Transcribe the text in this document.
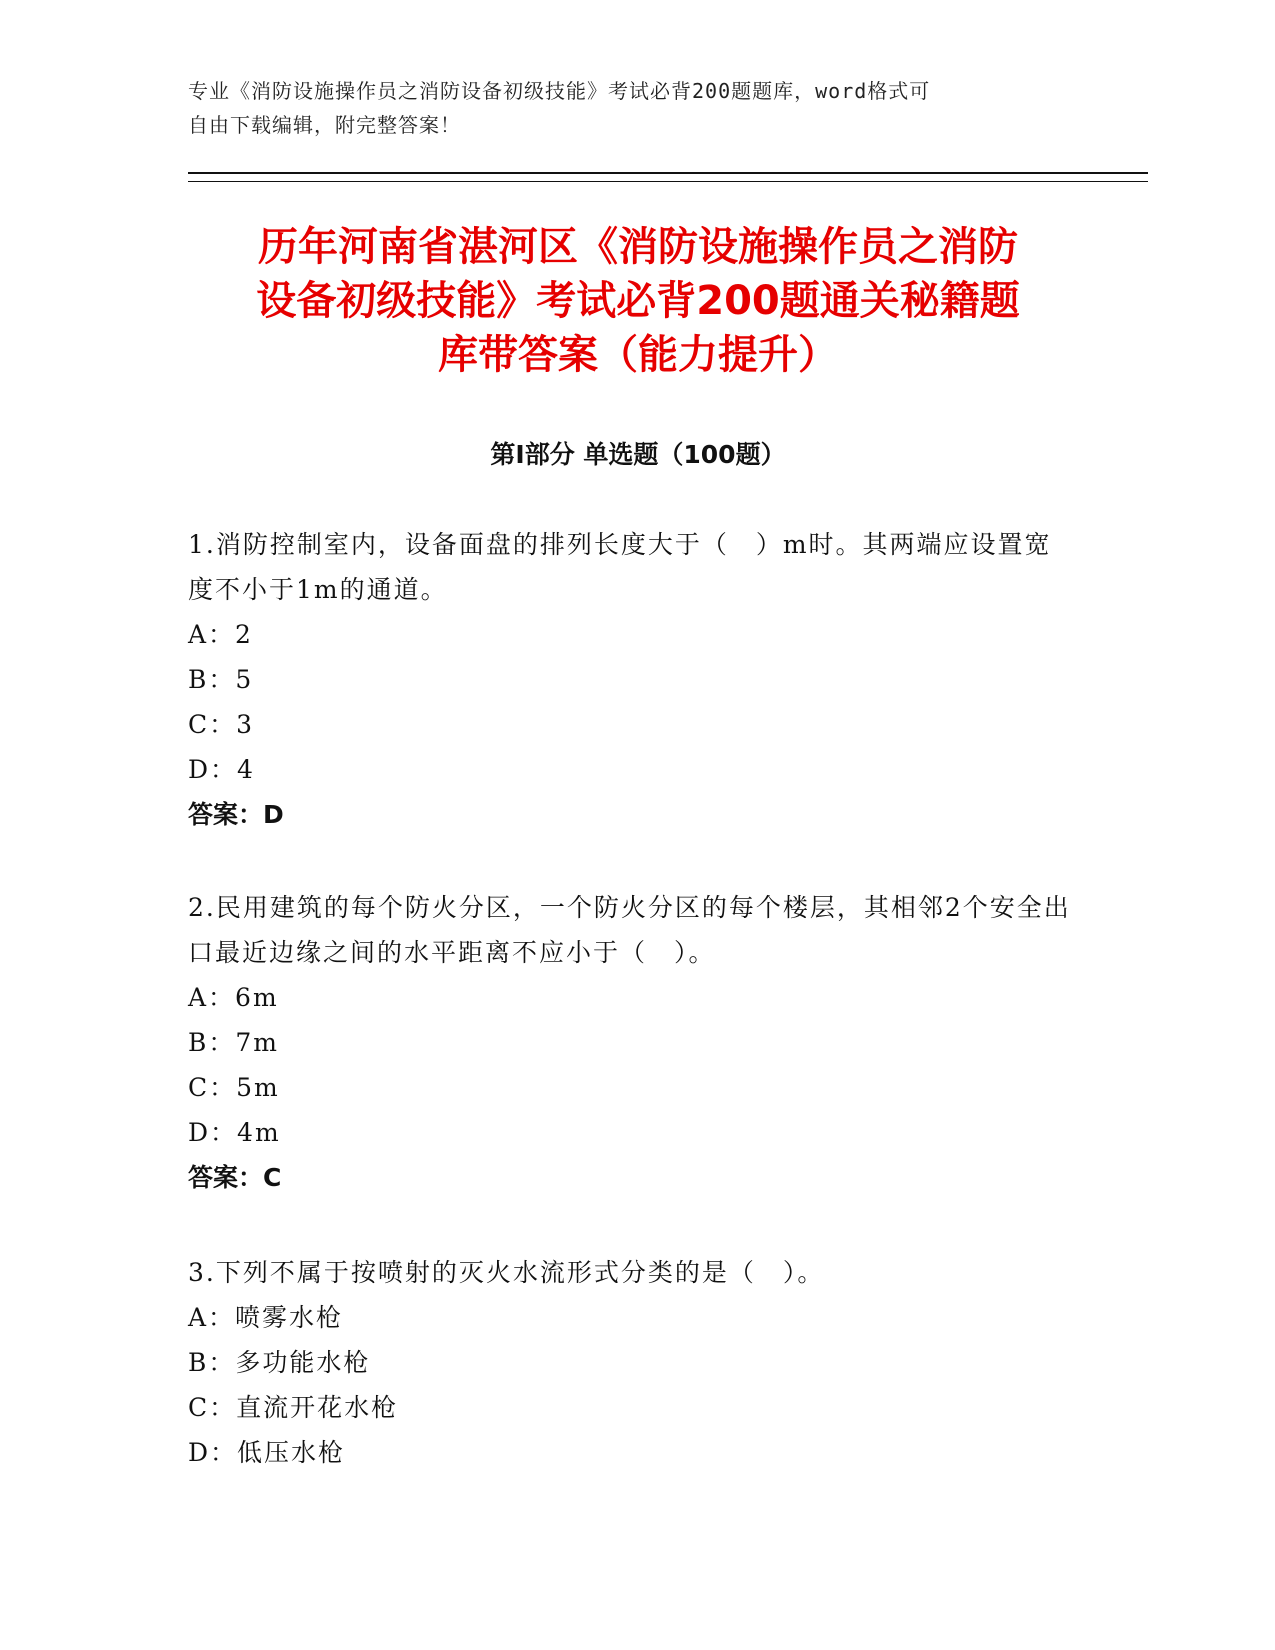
专业《消防设施操作员之消防设备初级技能》考试必背200题题库，word格式可
自由下载编辑，附完整答案！
历年河南省湛河区《消防设施操作员之消防
设备初级技能》考试必背200题通关秘籍题
库带答案（能力提升）
第Ⅰ部分 单选题（100题）

1.消防控制室内，设备面盘的排列长度大于（　）m时。其两端应设置宽度不小于1m的通道。

A：2

B：5

C：3

D：4

答案：D

2.民用建筑的每个防火分区，一个防火分区的每个楼层，其相邻2个安全出口最近边缘之间的水平距离不应小于（　）。

A：6m

B：7m

C：5m

D：4m

答案：C

3.下列不属于按喷射的灭火水流形式分类的是（　）。

A：喷雾水枪

B：多功能水枪

C：直流开花水枪

D：低压水枪
